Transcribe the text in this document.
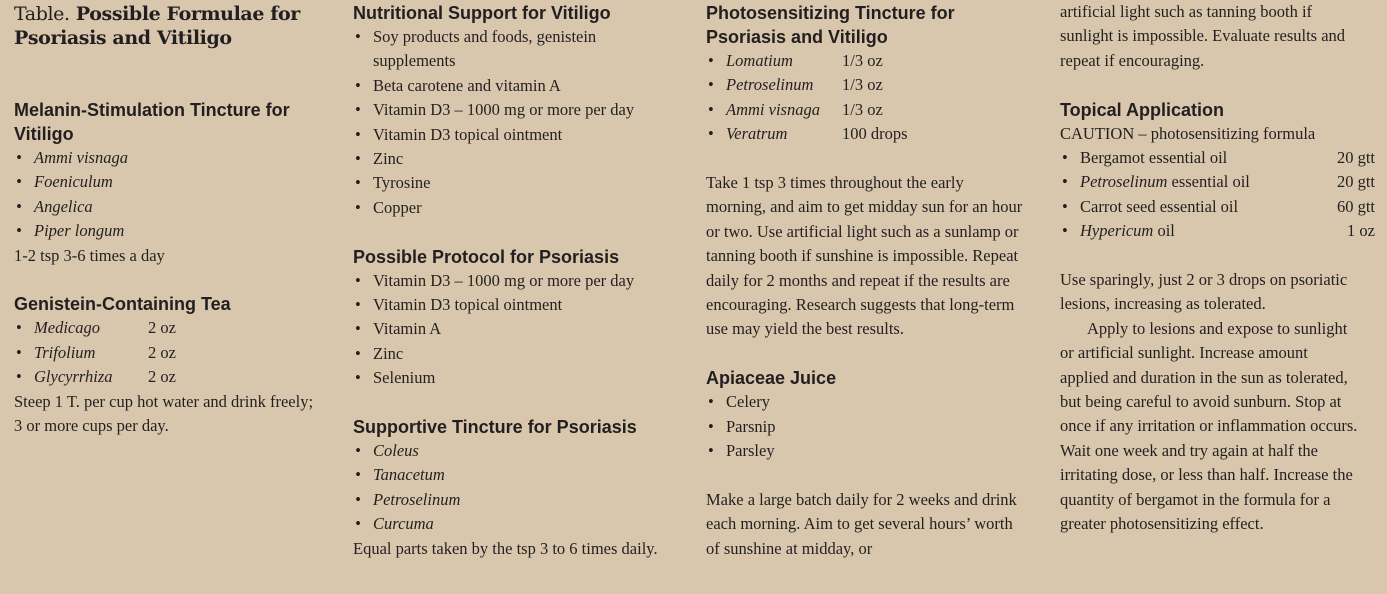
Table. Possible Formulae for Psoriasis and Vitiligo
Melanin-Stimulation Tincture for Vitiligo
• Ammi visnaga
• Foeniculum
• Angelica
• Piper longum

1-2 tsp 3-6 times a day

Genistein-Containing Tea
• Medicago	2 oz
• Trifolium	2 oz
• Glycyrrhiza 2 oz

Steep 1 T. per cup hot water and drink freely; 3 or more cups per day.

Nutritional Support for Vitiligo
• Soy products and foods, genistein supplements
• Beta carotene and vitamin A
• Vitamin D3 – 1000 mg or more per day
• Vitamin D3 topical ointment
• Zinc
• Tyrosine
• Copper
Possible Protocol for Psoriasis
• Vitamin D3 – 1000 mg or more per day
• Vitamin D3 topical ointment
• Vitamin A
• Zinc
• Selenium
Supportive Tincture for Psoriasis
• Coleus
• Tanacetum
• Petroselinum
• Curcuma

Equal parts taken by the tsp 3 to 6 times daily.

Photosensitizing Tincture for Psoriasis and Vitiligo
• Lomatium	1/3 oz
• Petroselinum 1/3 oz
• Ammi visnaga 1/3 oz
• Veratrum	100 drops

Take 1 tsp 3 times throughout the early morning, and aim to get midday sun for an hour or two. Use artificial light such as a sunlamp or tanning booth if sunshine is impossible. Repeat daily for 2 months and repeat if the results are encouraging. Research suggests that long-term use may yield the best results.

Apiaceae Juice
• Celery
• Parsnip
• Parsley

Make a large batch daily for 2 weeks and drink each morning. Aim to get several hours’ worth of sunshine at midday, or

artificial light such as tanning booth if sunlight is impossible. Evaluate results and repeat if encouraging.

Topical Application

CAUTION – photosensitizing formula

• Bergamot essential oil	20 gtt
• Petroselinum essential oil	20 gtt
• Carrot seed essential oil	60 gtt
• Hypericum oil	1 oz

Use sparingly, just 2 or 3 drops on psoriatic lesions, increasing as tolerated.

Apply to lesions and expose to sunlight or artificial sunlight. Increase amount applied and duration in the sun as tolerated, but being careful to avoid sunburn. Stop at once if any irritation or inflammation occurs. Wait one week and try again at half the irritating dose, or less than half. Increase the quantity of bergamot in the formula for a greater photosensitizing effect.
